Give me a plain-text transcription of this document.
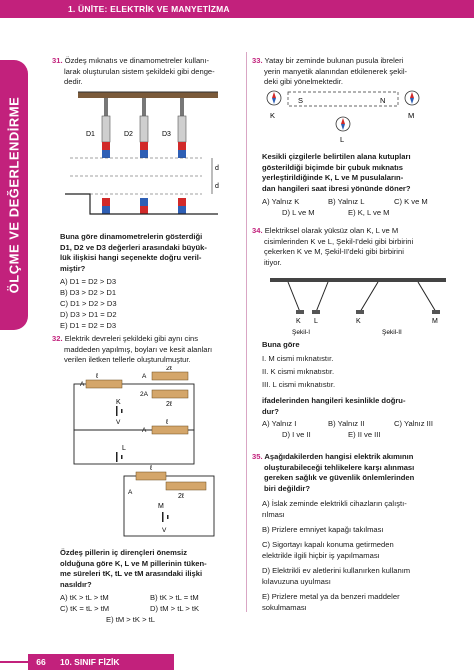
1. ÜNİTE: ELEKTRİK VE MANYETİZMA
ÖLÇME VE DEĞERLENDİRME
31. Özdeş mıknatıs ve dinamometreler kullanı-
larak oluşturulan sistem şekildeki gibi denge-
dedir.
D1	D2	D3
d
d
Buna göre dinamometrelerin gösterdiği
D1, D2 ve D3 değerleri arasındaki büyük-
lük ilişkisi hangi seçenekte doğru veril-
miştir?
A) D1 = D2 > D3
B) D3 > D2 > D1
C) D1 > D2 > D3
D) D3 > D1 = D2
E) D1 = D2 = D3
32. Elektrik devreleri şekildeki gibi aynı cins
maddeden yapılmış, boyları ve kesit alanları
verilen iletken tellerle oluşturulmuştur.
ℓ
A
2ℓ
A
2ℓ
2A
K
V
L
ℓ
A
ℓ
2ℓ
A
M
V
Özdeş pillerin iç dirençleri önemsiz
olduğuna göre K, L ve M pillerinin tüken-
me süreleri tK, tL ve tM arasındaki ilişki
nasıldır?
A) tK > tL > tM	B) tK > tL = tM
C) tK = tL > tM	D) tM > tL > tK
E) tM > tK > tL
33. Yatay bir zeminde bulunan pusula ibreleri
yerin manyetik alanından etkilenerek şekil-
deki gibi yönelmektedir.
S	N
K	M
L
Kesikli çizgilerle belirtilen alana kutupları
gösterildiği biçimde bir çubuk mıknatıs
yerleştirildiğinde K, L ve M pusulaların-
dan hangileri saat ibresi yönünde döner?
A) Yalnız K	B) Yalnız L	C) K ve M
D) L ve M	E) K, L ve M
34. Elektriksel olarak yüksüz olan K, L ve M
cisimlerinden K ve L, Şekil-I'deki gibi birbirini
çekerken K ve M, Şekil-II'deki gibi birbirini
itiyor.
K L	K	M
Şekil-I	Şekil-II
Buna göre
I. M cismi mıknatıstır.
II. K cismi mıknatıstır.
III. L cismi mıknatıstır.
ifadelerinden hangileri kesinlikle doğru-
dur?
A) Yalnız I	B) Yalnız II	C) Yalnız III
D) I ve II	E) II ve III
35. Aşağıdakilerden hangisi elektrik akımının
oluşturabileceği tehlikelere karşı alınması
gereken sağlık ve güvenlik önlemlerinden
biri değildir?
A) İslak zeminde elektrikli cihazların çalıştı-
rılması
B) Prizlere emniyet kapağı takılması
C) Sigortayı kapalı konuma getirmeden
elektrikle ilgili hiçbir iş yapılmaması
D) Elektrikli ev aletlerini kullanırken kullanım
kılavuzuna uyulması
E) Prizlere metal ya da benzeri maddeler
sokulmaması
66	10. SINIF FİZİK
